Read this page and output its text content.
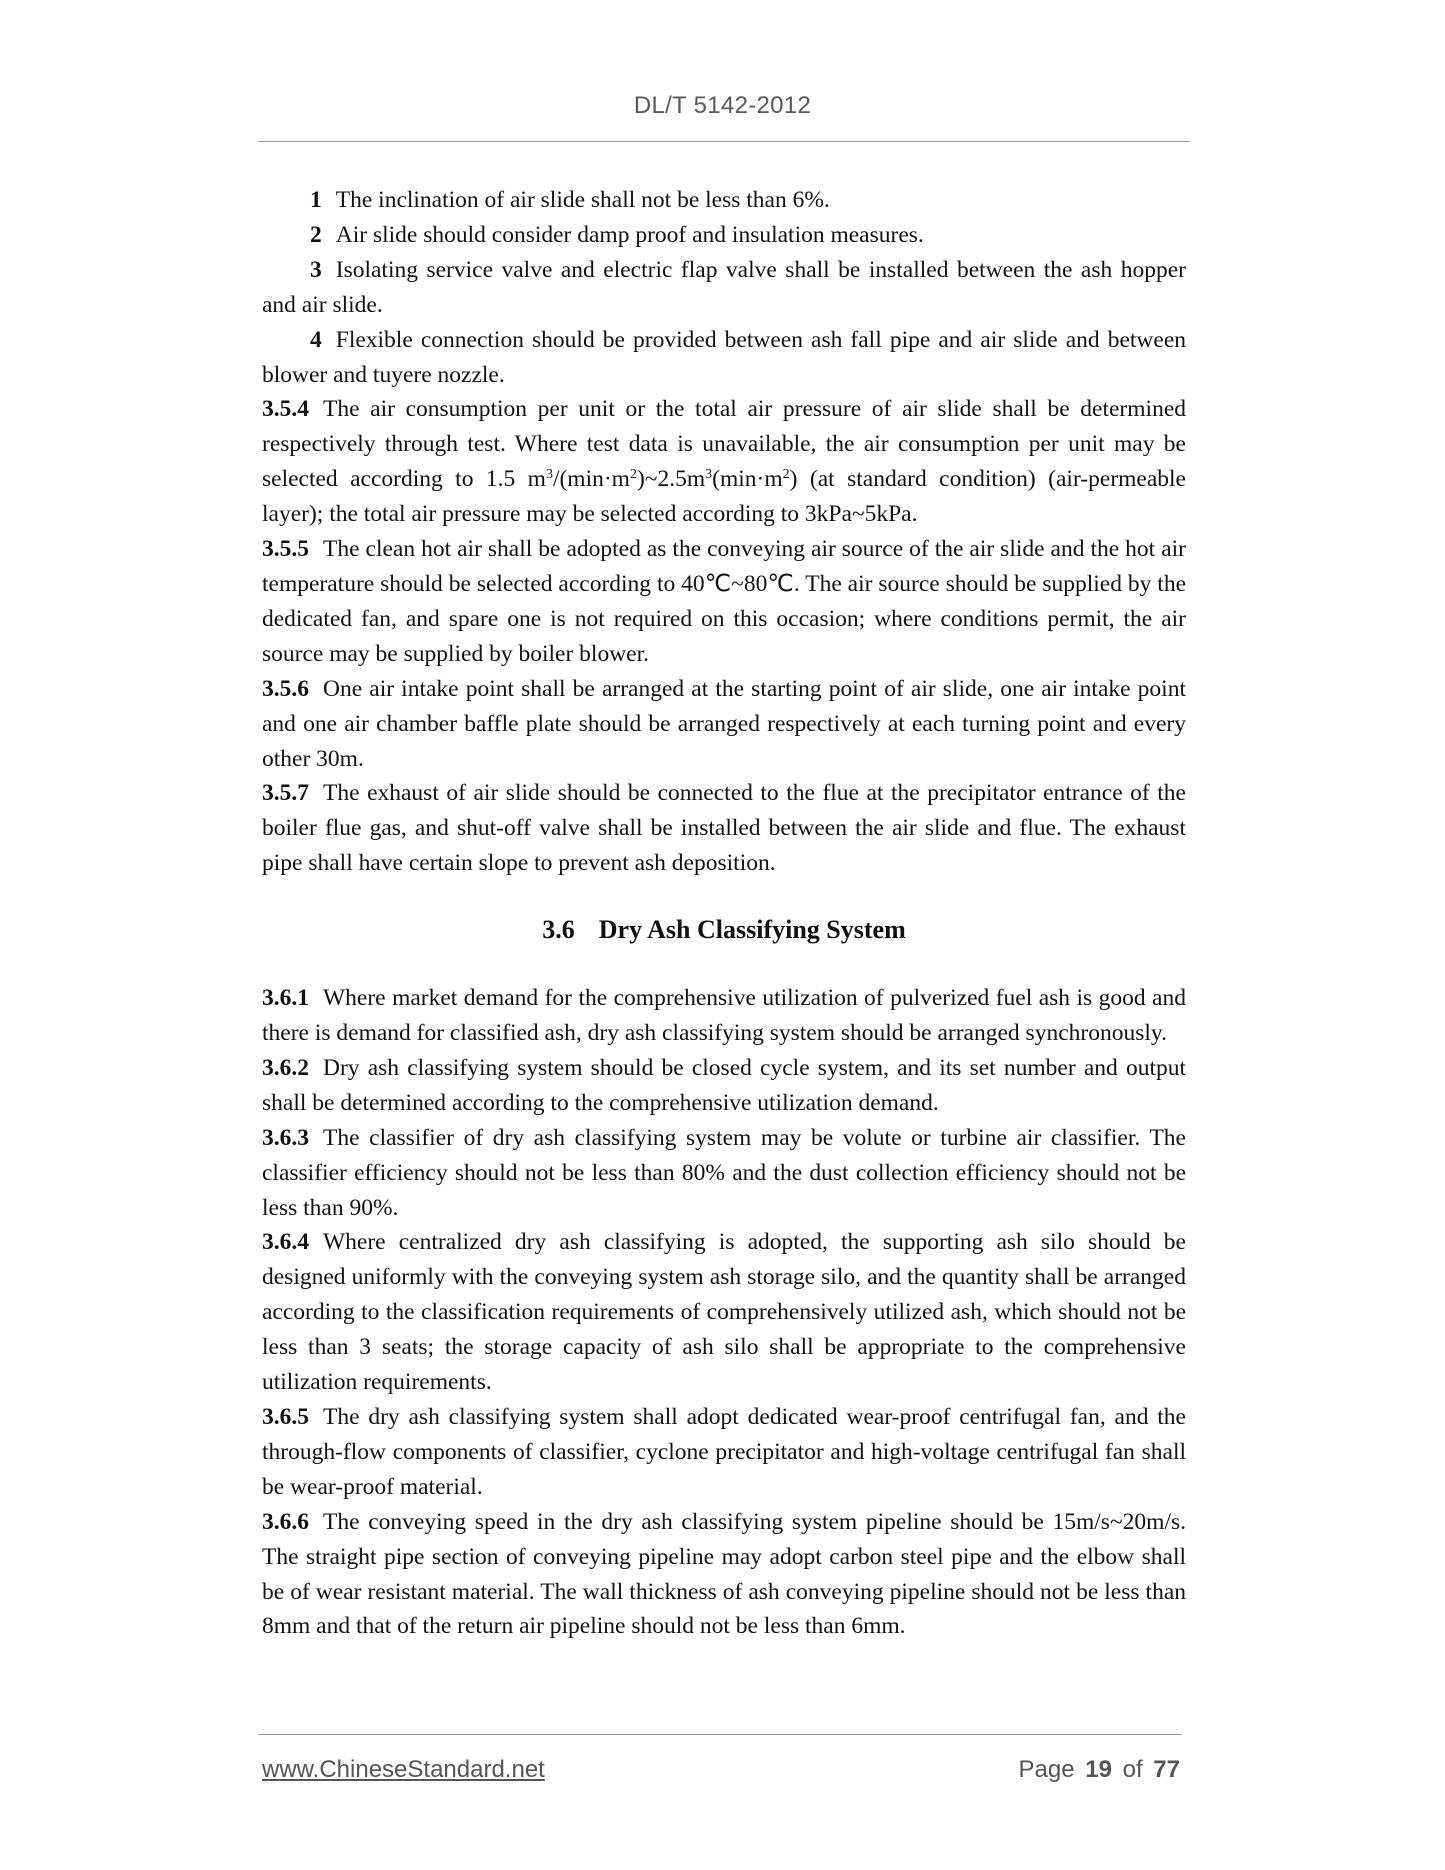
DL/T 5142-2012

1 The inclination of air slide shall not be less than 6%.

2 Air slide should consider damp proof and insulation measures.

3 Isolating service valve and electric flap valve shall be installed between the ash hopper and air slide.

4 Flexible connection should be provided between ash fall pipe and air slide and between blower and tuyere nozzle.

3.5.4 The air consumption per unit or the total air pressure of air slide shall be determined respectively through test. Where test data is unavailable, the air consumption per unit may be selected according to 1.5 $m^3/(\min\cdot m^2)\sim 2.5m^3(\min\cdot m^2)$ (at standard condition) (air-permeable layer); the total air pressure may be selected according to 3kPa~5kPa.

3.5.5 The clean hot air shall be adopted as the conveying air source of the air slide and the hot air temperature should be selected according to 40℃~80℃. The air source should be supplied by the dedicated fan, and spare one is not required on this occasion; where conditions permit, the air source may be supplied by boiler blower.

3.5.6 One air intake point shall be arranged at the starting point of air slide, one air intake point and one air chamber baffle plate should be arranged respectively at each turning point and every other 30m.

3.5.7 The exhaust of air slide should be connected to the flue at the precipitator entrance of the boiler flue gas, and shut-off valve shall be installed between the air slide and flue. The exhaust pipe shall have certain slope to prevent ash deposition.

3.6 Dry Ash Classifying System

3.6.1 Where market demand for the comprehensive utilization of pulverized fuel ash is good and there is demand for classified ash, dry ash classifying system should be arranged synchronously.

3.6.2 Dry ash classifying system should be closed cycle system, and its set number and output shall be determined according to the comprehensive utilization demand.

3.6.3 The classifier of dry ash classifying system may be volute or turbine air classifier. The classifier efficiency should not be less than 80% and the dust collection efficiency should not be less than 90%.

3.6.4 Where centralized dry ash classifying is adopted, the supporting ash silo should be designed uniformly with the conveying system ash storage silo, and the quantity shall be arranged according to the classification requirements of comprehensively utilized ash, which should not be less than 3 seats; the storage capacity of ash silo shall be appropriate to the comprehensive utilization requirements.

3.6.5 The dry ash classifying system shall adopt dedicated wear-proof centrifugal fan, and the through-flow components of classifier, cyclone precipitator and high-voltage centrifugal fan shall be wear-proof material.

3.6.6 The conveying speed in the dry ash classifying system pipeline should be 15m/s~20m/s. The straight pipe section of conveying pipeline may adopt carbon steel pipe and the elbow shall be of wear resistant material. The wall thickness of ash conveying pipeline should not be less than 8mm and that of the return air pipeline should not be less than 6mm.

www.ChineseStandard.net	Page 19 of 77
